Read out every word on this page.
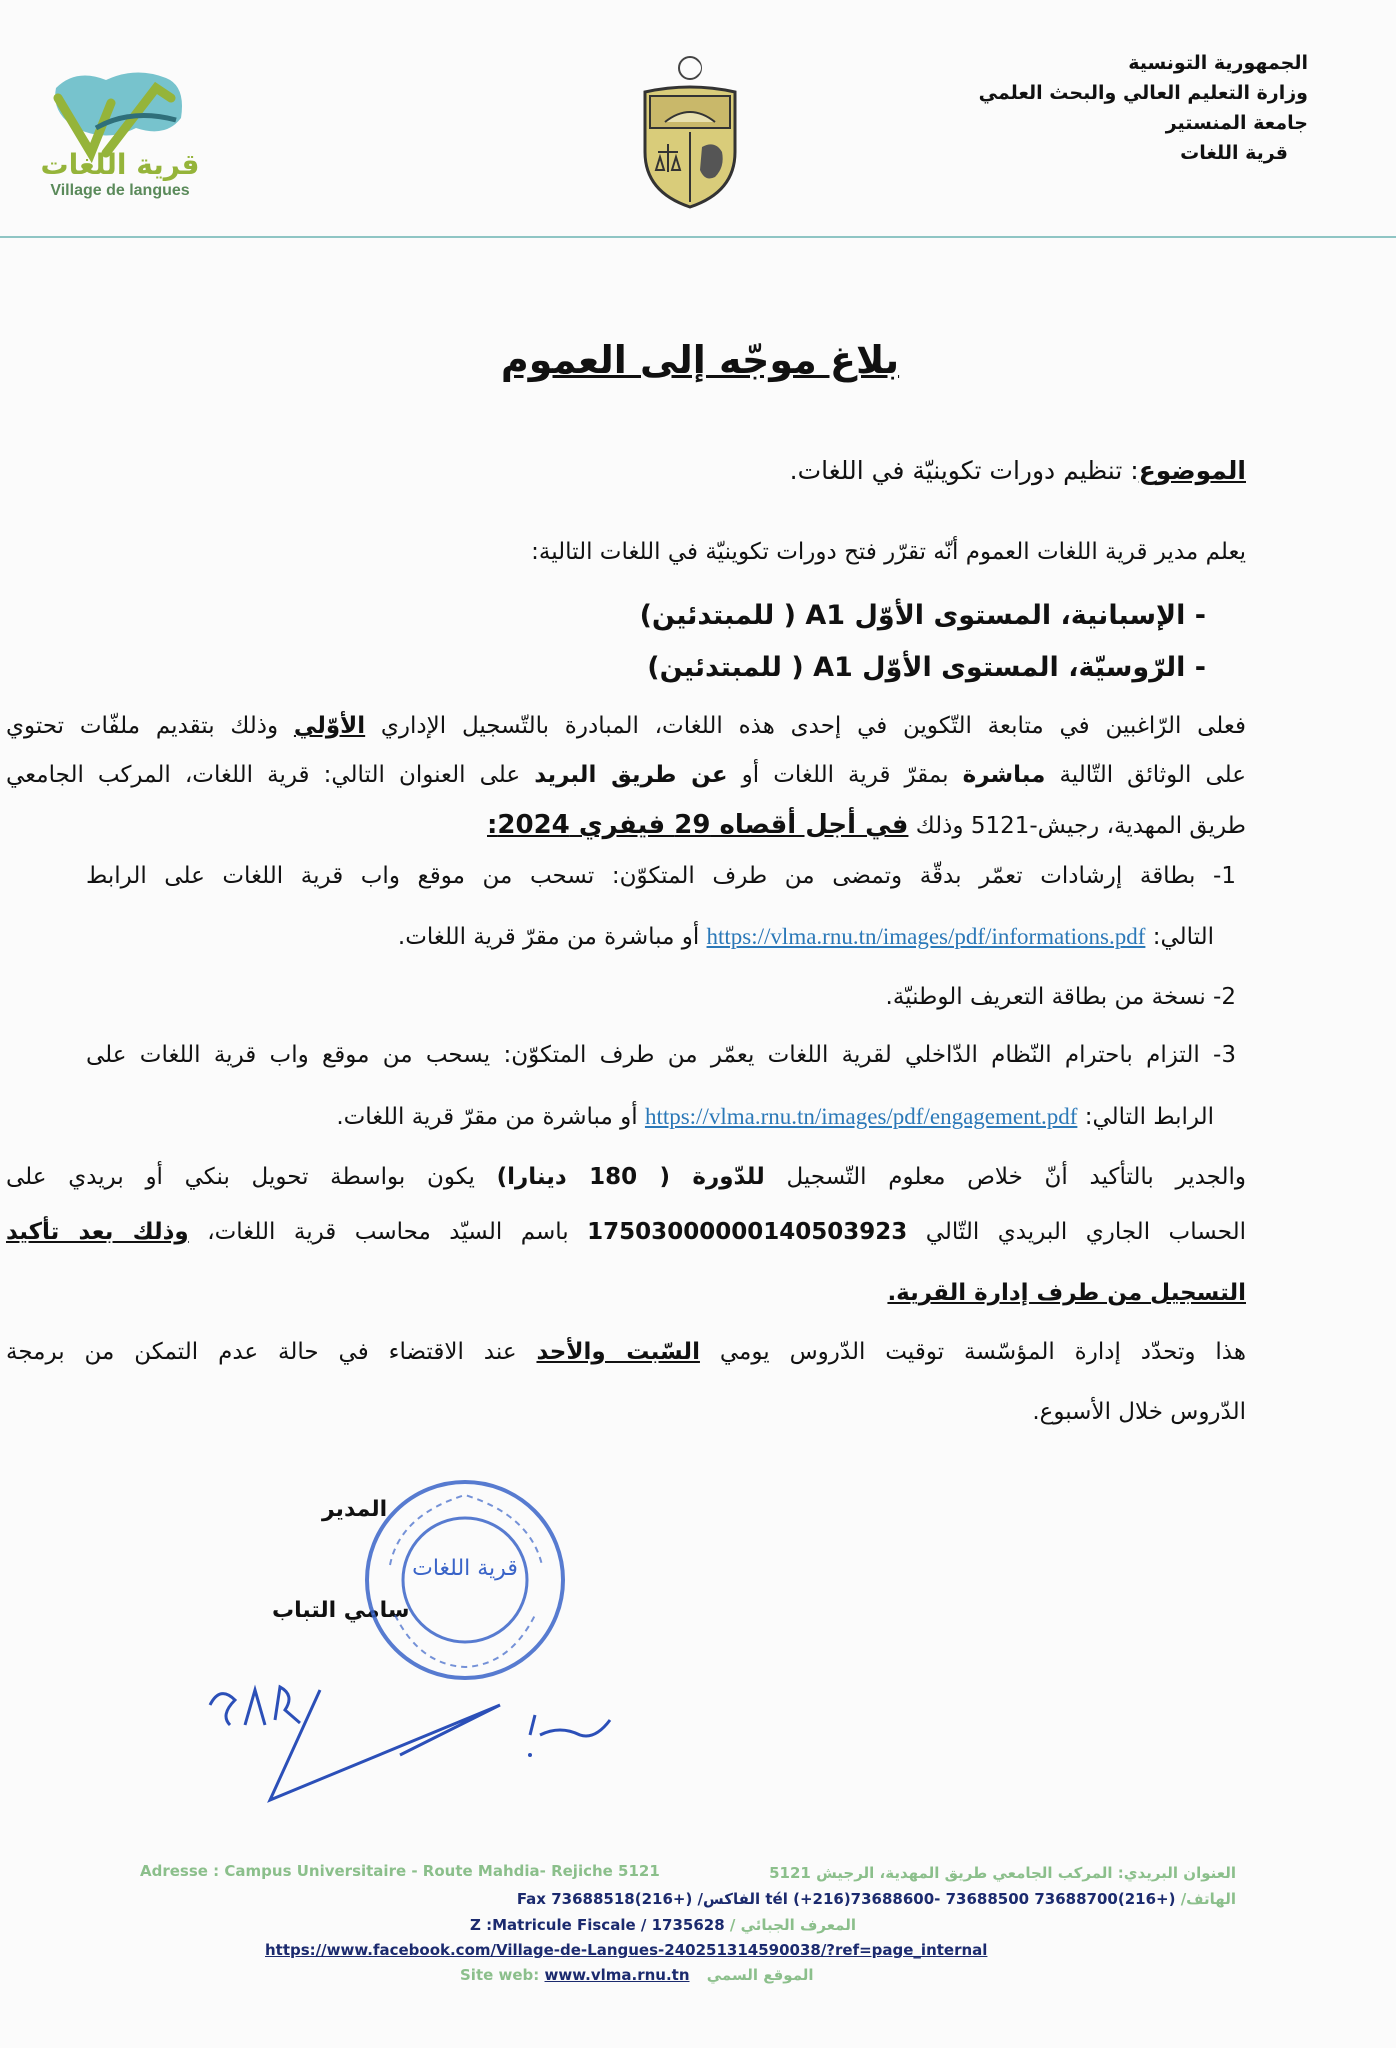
الجمهورية التونسية
وزارة التعليم العالي والبحث العلمي
جامعة المنستير
قرية اللغات
قرية اللغات
Village de langues
بلاغ موجّه إلى العموم
الموضوع: تنظيم دورات تكوينيّة في اللغات.
يعلم مدير قرية اللغات العموم أنّه تقرّر فتح دورات تكوينيّة في اللغات التالية:
- الإسبانية، المستوى الأوّل A1 ( للمبتدئين)
- الرّوسيّة، المستوى الأوّل A1 ( للمبتدئين)
فعلى الرّاغبين في متابعة التّكوين في إحدى هذه اللغات، المبادرة بالتّسجيل الإداري الأوّلي وذلك بتقديم ملفّات تحتوي
على الوثائق التّالية مباشرة بمقرّ قرية اللغات أو عن طريق البريد على العنوان التالي: قرية اللغات، المركب الجامعي
طريق المهدية، رجيش-5121 وذلك في أجل أقصاه 29 فيفري 2024:
1- بطاقة إرشادات تعمّر بدقّة وتمضى من طرف المتكوّن: تسحب من موقع واب قرية اللغات على الرابط
التالي: https://vlma.rnu.tn/images/pdf/informations.pdf أو مباشرة من مقرّ قرية اللغات.
2- نسخة من بطاقة التعريف الوطنيّة.
3- التزام باحترام النّظام الدّاخلي لقرية اللغات يعمّر من طرف المتكوّن: يسحب من موقع واب قرية اللغات على
الرابط التالي: https://vlma.rnu.tn/images/pdf/engagement.pdf أو مباشرة من مقرّ قرية اللغات.
والجدير بالتأكيد أنّ خلاص معلوم التّسجيل للدّورة ( 180 دينارا) يكون بواسطة تحويل بنكي أو بريدي على
الحساب الجاري البريدي التّالي 17503000000140503923 باسم السيّد محاسب قرية اللغات، وذلك بعد تأكيد
التسجيل من طرف إدارة القرية.
هذا وتحدّد إدارة المؤسّسة توقيت الدّروس يومي السّبت والأحد عند الاقتضاء في حالة عدم التمكن من برمجة
الدّروس خلال الأسبوع.
المدير
سامي التباب
قرية اللغات
Adresse : Campus Universitaire - Route Mahdia- Rejiche 5121	العنوان البريدي: المركب الجامعي طريق المهدية، الرجيش 5121
الهاتف/ (+216)73688700 tél (+216)73688600- 73688500 الفاكس/ (+216)73688518 Fax
المعرف الجبائي / 1735628 / Z :Matricule Fiscale
https://www.facebook.com/Village-de-Langues-240251314590038/?ref=page_internal
Site web: www.vlma.rnu.tn الموقع السمي
